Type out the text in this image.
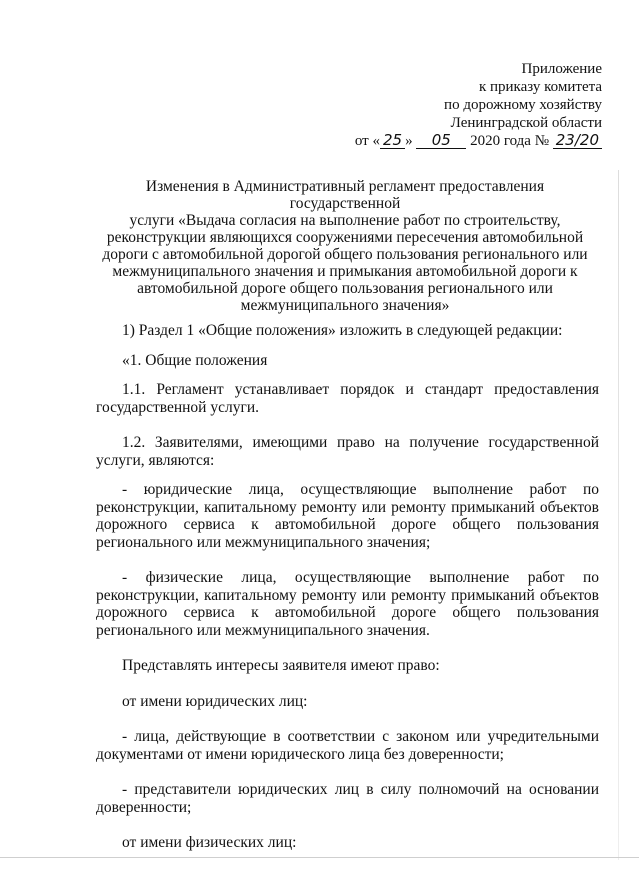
Приложение
к приказу комитета
по дорожному хозяйству
Ленинградской области
от « 25 » 05 2020 года № 23/20
Изменения в Административный регламент предоставления государственной
услуги «Выдача согласия на выполнение работ по строительству,
реконструкции являющихся сооружениями пересечения автомобильной
дороги с автомобильной дорогой общего пользования регионального или
межмуниципального значения и примыкания автомобильной дороги к
автомобильной дороге общего пользования регионального или
межмуниципального значения»

1) Раздел 1 «Общие положения» изложить в следующей редакции:

«1. Общие положения

1.1. Регламент устанавливает порядок и стандарт предоставления государственной услуги.

1.2. Заявителями, имеющими право на получение государственной услуги, являются:

- юридические лица, осуществляющие выполнение работ по реконструкции, капитальному ремонту или ремонту примыканий объектов дорожного сервиса к автомобильной дороге общего пользования регионального или межмуниципального значения;

- физические лица, осуществляющие выполнение работ по реконструкции, капитальному ремонту или ремонту примыканий объектов дорожного сервиса к автомобильной дороге общего пользования регионального или межмуниципального значения.

Представлять интересы заявителя имеют право:

от имени юридических лиц:

- лица, действующие в соответствии с законом или учредительными документами от имени юридического лица без доверенности;

- представители юридических лиц в силу полномочий на основании доверенности;

от имени физических лиц:
